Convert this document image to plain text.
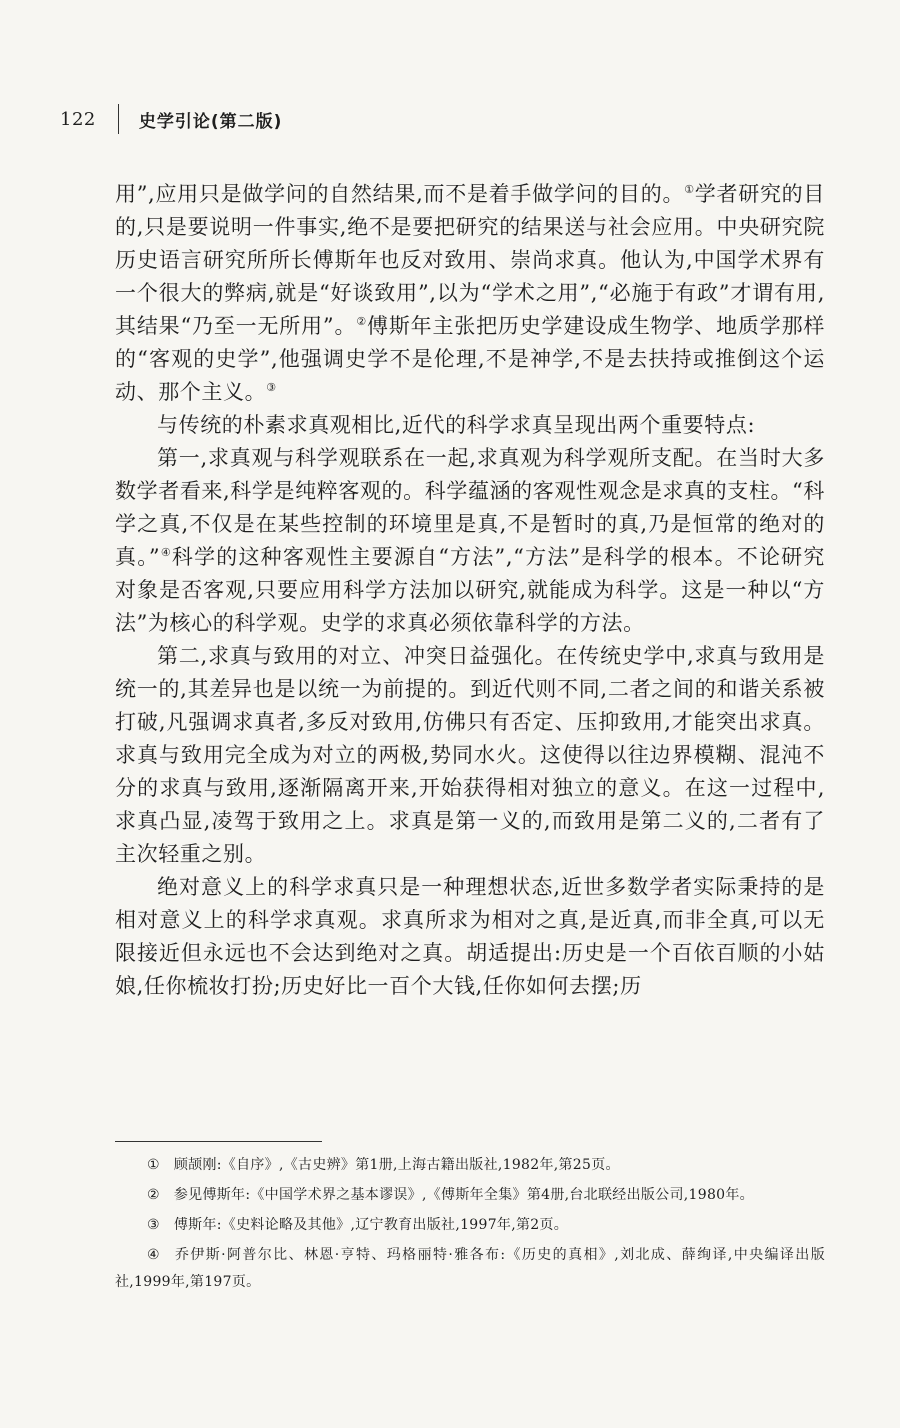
122	史学引论(第二版)

用”,应用只是做学问的自然结果,而不是着手做学问的目的。①学者研究的目的,只是要说明一件事实,绝不是要把研究的结果送与社会应用。中央研究院历史语言研究所所长傅斯年也反对致用、崇尚求真。他认为,中国学术界有一个很大的弊病,就是“好谈致用”,以为“学术之用”,“必施于有政”才谓有用,其结果“乃至一无所用”。②傅斯年主张把历史学建设成生物学、地质学那样的“客观的史学”,他强调史学不是伦理,不是神学,不是去扶持或推倒这个运动、那个主义。③

与传统的朴素求真观相比,近代的科学求真呈现出两个重要特点:

第一,求真观与科学观联系在一起,求真观为科学观所支配。在当时大多数学者看来,科学是纯粹客观的。科学蕴涵的客观性观念是求真的支柱。“科学之真,不仅是在某些控制的环境里是真,不是暂时的真,乃是恒常的绝对的真。”④科学的这种客观性主要源自“方法”,“方法”是科学的根本。不论研究对象是否客观,只要应用科学方法加以研究,就能成为科学。这是一种以“方法”为核心的科学观。史学的求真必须依靠科学的方法。

第二,求真与致用的对立、冲突日益强化。在传统史学中,求真与致用是统一的,其差异也是以统一为前提的。到近代则不同,二者之间的和谐关系被打破,凡强调求真者,多反对致用,仿佛只有否定、压抑致用,才能突出求真。求真与致用完全成为对立的两极,势同水火。这使得以往边界模糊、混沌不分的求真与致用,逐渐隔离开来,开始获得相对独立的意义。在这一过程中,求真凸显,凌驾于致用之上。求真是第一义的,而致用是第二义的,二者有了主次轻重之别。

绝对意义上的科学求真只是一种理想状态,近世多数学者实际秉持的是相对意义上的科学求真观。求真所求为相对之真,是近真,而非全真,可以无限接近但永远也不会达到绝对之真。胡适提出:历史是一个百依百顺的小姑娘,任你梳妆打扮;历史好比一百个大钱,任你如何去摆;历

① 顾颉刚:《自序》,《古史辨》第1册,上海古籍出版社,1982年,第25页。

② 参见傅斯年:《中国学术界之基本谬误》,《傅斯年全集》第4册,台北联经出版公司,1980年。

③ 傅斯年:《史料论略及其他》,辽宁教育出版社,1997年,第2页。

④ 乔伊斯·阿普尔比、林恩·亨特、玛格丽特·雅各布:《历史的真相》,刘北成、薛绚译,中央编译出版社,1999年,第197页。
